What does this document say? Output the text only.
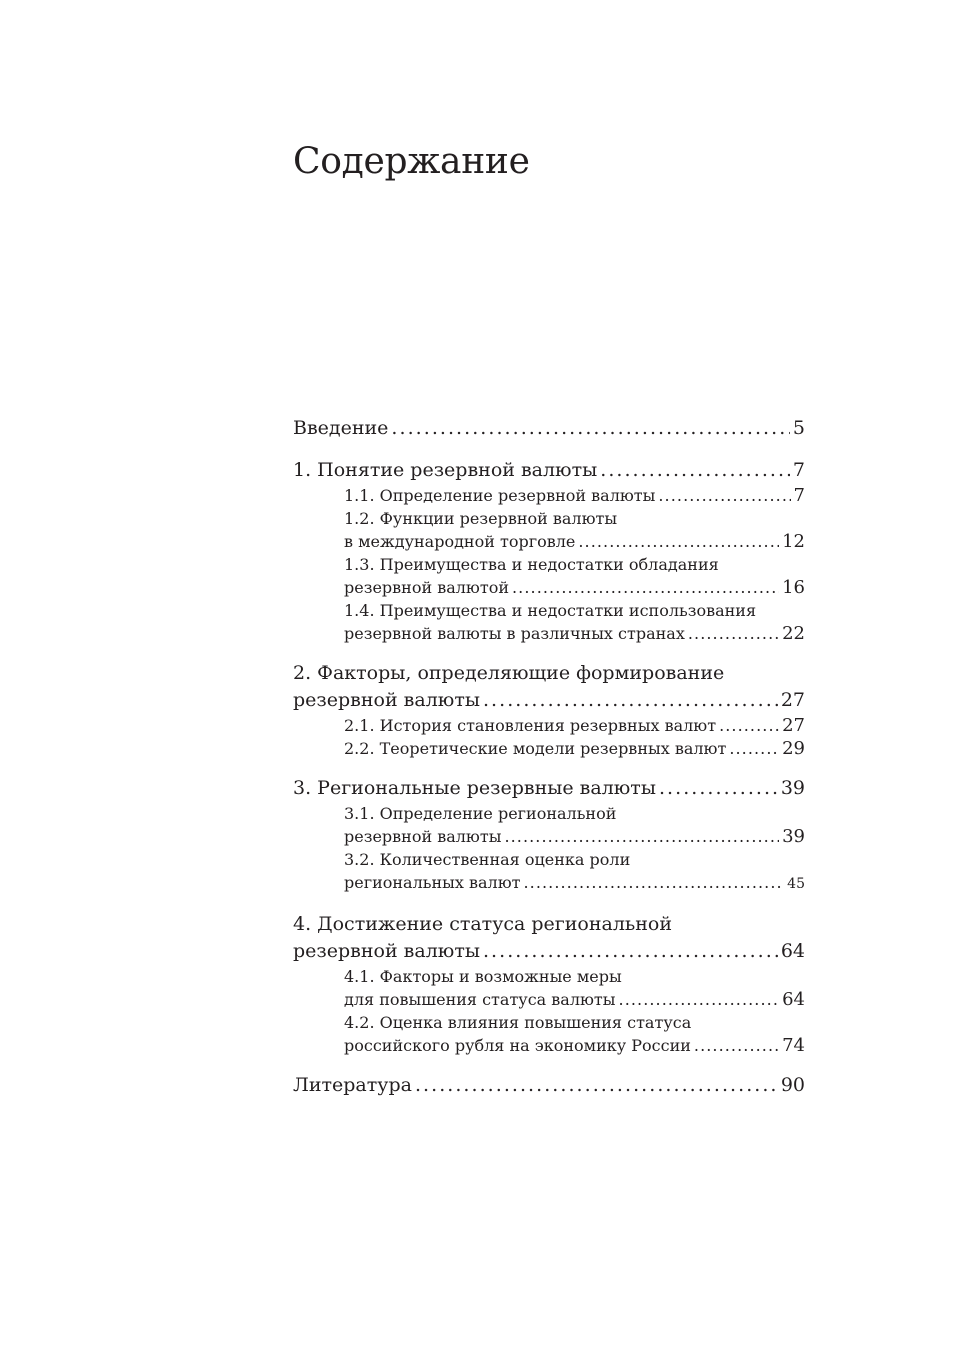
Содержание
Введение . . .	5
1. Понятие резервной валюты . . .	7
1.1. Определение резервной валюты . . .	7
1.2. Функции резервной валюты
в международной торговле . . .	12
1.3. Преимущества и недостатки обладания
резервной валютой . . .	16
1.4. Преимущества и недостатки использования
резервной валюты в различных странах . . .	22
2. Факторы, определяющие формирование
резервной валюты . . .	27
2.1. История становления резервных валют . . .	27
2.2. Теоретические модели резервных валют . . .	29
3. Региональные резервные валюты . . .	39
3.1. Определение региональной
резервной валюты . . .	39
3.2. Количественная оценка роли
региональных валют . . .	45
4. Достижение статуса региональной
резервной валюты . . .	64
4.1. Факторы и возможные меры
для повышения статуса валюты . . .	64
4.2. Оценка влияния повышения статуса
российского рубля на экономику России . . .	74
Литература . . .	90
